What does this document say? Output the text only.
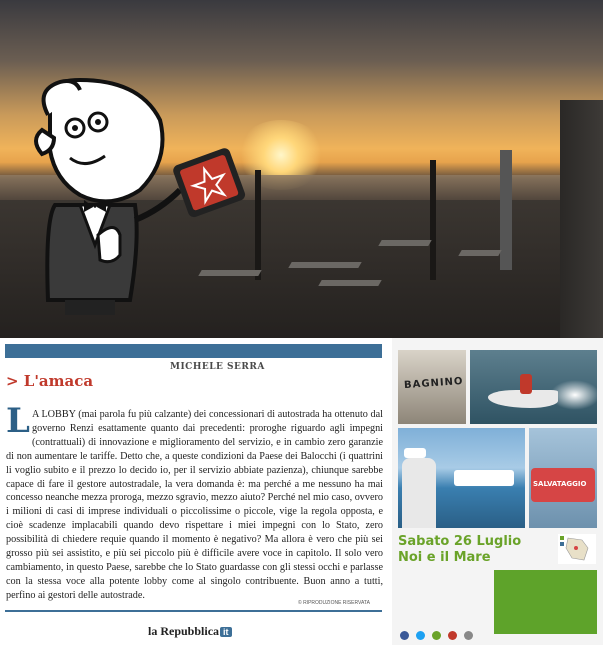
MICHELE SERRA
> L'amaca
A LOBBY (mai parola fu più calzante) dei concessionari di autostrada ha ottenuto dal governo Renzi esattamente quanto dai precedenti: proroghe riguardo agli impegni (contrattuali) di innovazione e miglioramento del servizio, e in cambio zero garanzie di non aumentare le tariffe. Detto che, a queste condizioni da Paese dei Balocchi (i quattrini li voglio subito e il prezzo lo decido io, per il servizio abbiate pazienza), chiunque sarebbe capace di fare il gestore autostradale, la vera domanda è: ma perché a me nessuno ha mai concesso neanche mezza proroga, mezzo sgravio, mezzo aiuto? Perché nel mio caso, ovvero i milioni di casi di imprese individuali o piccolissime o piccole, vige la regola opposta, e cioè scadenze implacabili quando devo rispettare i miei impegni con lo Stato, zero possibilità di chiedere requie quando il momento è negativo? Ma allora è vero che più sei grosso più sei assistito, e più sei piccolo più è difficile avere voce in capitolo. Il solo vero cambiamento, in questo Paese, sarebbe che lo Stato guardasse con gli stessi occhi e parlasse con la stessa voce alla potente lobby come al singolo contribuente. Buon anno a tutti, perfino ai gestori delle autostrade.
L
© RIPRODUZIONE RISERVATA
la Repubblica it
BAGNINO
SALVATAGGIO
Sabato 26 Luglio
Noi e il Mare
